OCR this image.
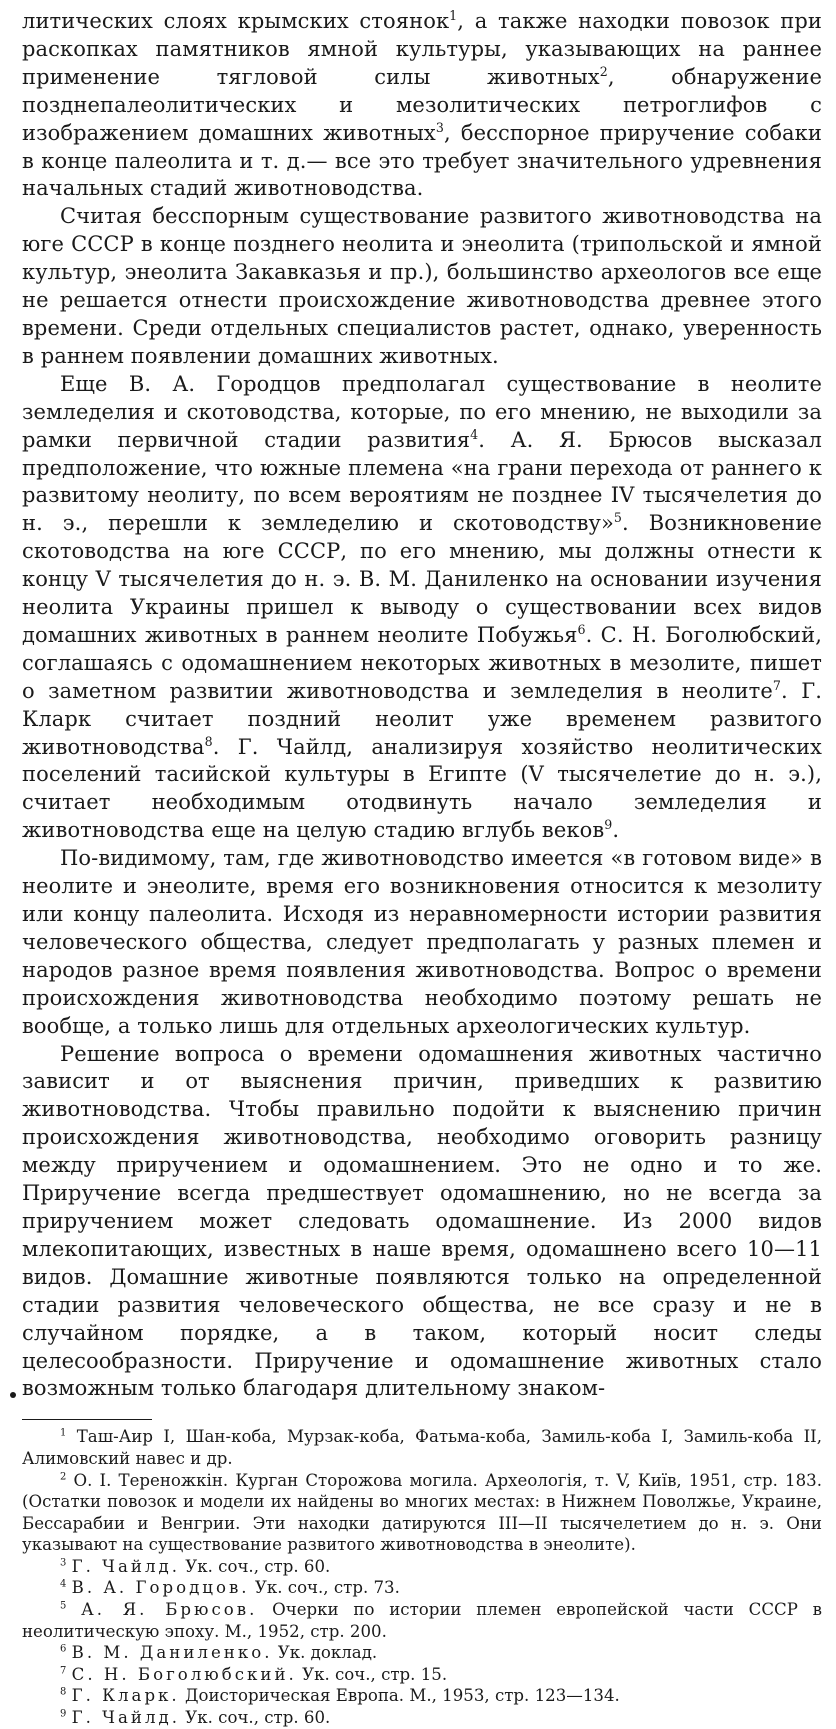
литических слоях крымских стоянок$^1$, а также находки повозок при раскопках памятников ямной культуры, указывающих на раннее применение тягловой силы животных$^2$, обнаружение позднепалеолитических и мезолитических петроглифов с изображением домашних животных$^3$, бесспорное приручение собаки в конце палеолита и т. д.— все это требует значительного удревнения начальных стадий животноводства.

Считая бесспорным существование развитого животноводства на юге СССР в конце позднего неолита и энеолита (трипольской и ямной культур, энеолита Закавказья и пр.), большинство археологов все еще не решается отнести происхождение животноводства древнее этого времени. Среди отдельных специалистов растет, однако, уверенность в раннем появлении домашних животных.

Еще В. А. Городцов предполагал существование в неолите земледелия и скотоводства, которые, по его мнению, не выходили за рамки первичной стадии развития$^4$. А. Я. Брюсов высказал предположение, что южные племена «на грани перехода от раннего к развитому неолиту, по всем вероятиям не позднее IV тысячелетия до н. э., перешли к земледелию и скотоводству»$^5$. Возникновение скотоводства на юге СССР, по его мнению, мы должны отнести к концу V тысячелетия до н. э. В. М. Даниленко на основании изучения неолита Украины пришел к выводу о существовании всех видов домашних животных в раннем неолите Побужья$^6$. С. Н. Боголюбский, соглашаясь с одомашнением некоторых животных в мезолите, пишет о заметном развитии животноводства и земледелия в неолите$^7$. Г. Кларк считает поздний неолит уже временем развитого животноводства$^8$. Г. Чайлд, анализируя хозяйство неолитических поселений тасийской культуры в Египте (V тысячелетие до н. э.), считает необходимым отодвинуть начало земледелия и животноводства еще на целую стадию вглубь веков$^9$.

По-видимому, там, где животноводство имеется «в готовом виде» в неолите и энеолите, время его возникновения относится к мезолиту или концу палеолита. Исходя из неравномерности истории развития человеческого общества, следует предполагать у разных племен и народов разное время появления животноводства. Вопрос о времени происхождения животноводства необходимо поэтому решать не вообще, а только лишь для отдельных археологических культур.

Решение вопроса о времени одомашнения животных частично зависит и от выяснения причин, приведших к развитию животноводства. Чтобы правильно подойти к выяснению причин происхождения животноводства, необходимо оговорить разницу между приручением и одомашнением. Это не одно и то же. Приручение всегда предшествует одомашнению, но не всегда за приручением может следовать одомашнение. Из 2000 видов млекопитающих, известных в наше время, одомашнено всего 10—11 видов. Домашние животные появляются только на определенной стадии развития человеческого общества, не все сразу и не в случайном порядке, а в таком, который носит следы целесообразности. Приручение и одомашнение животных стало возможным только благодаря длительному знаком-

$^1$ Таш-Аир I, Шан-коба, Мурзак-коба, Фатьма-коба, Замиль-коба I, Замиль-коба II, Алимовский навес и др.

$^2$ О. І. Тереножкін. Курган Сторожова могила. Археологія, т. V, Київ, 1951, стр. 183. (Остатки повозок и модели их найдены во многих местах: в Нижнем Поволжье, Украине, Бессарабии и Венгрии. Эти находки датируются III—II тысячелетием до н. э. Они указывают на существование развитого животноводства в энеолите).

$^3$ Г. Чайлд. Ук. соч., стр. 60.

$^4$ В. А. Городцов. Ук. соч., стр. 73.

$^5$ А. Я. Брюсов. Очерки по истории племен европейской части СССР в неолитическую эпоху. М., 1952, стр. 200.

$^6$ В. М. Даниленко. Ук. доклад.

$^7$ С. Н. Боголюбский. Ук. соч., стр. 15.

$^8$ Г. Кларк. Доисторическая Европа. М., 1953, стр. 123—134.

$^9$ Г. Чайлд. Ук. соч., стр. 60.
